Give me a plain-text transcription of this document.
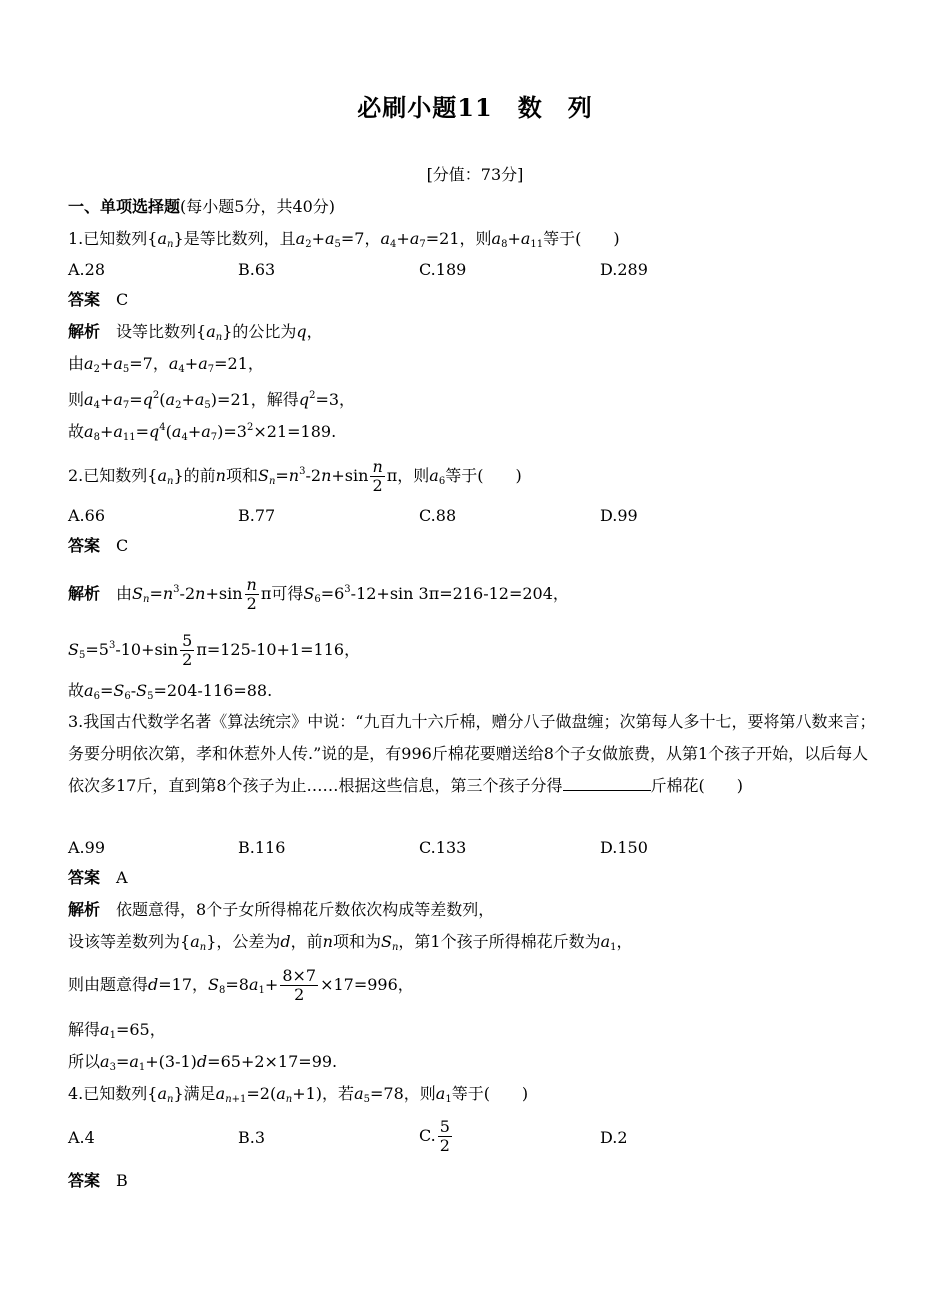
必刷小题11　数　列
[分值：73分]
一、单项选择题(每小题5分，共40分)
1.已知数列$\{a_n\}$是等比数列，且$a_2+a_5=7$，$a_4+a_7=21$，则$a_8+a_{11}$等于(　　)
A.28	B.63	C.189	D.289
答案　 C
解析　设等比数列$\{a_n\}$的公比为q，
由$a_2+a_5=7$，$a_4+a_7=21$，
则$a_4+a_7=q^2(a_2+a_5)=21$，解得$q^2=3$，
故$a_8+a_{11}=q^4(a_4+a_7)=3^2\times 21=189$.
2.已知数列$\{a_n\}$的前n项和$S_n=n^3-2n+\sin \frac{n}{2}$ π，则$a_6$等于(　　)
A.66	B.77	C.88	D.99
答案　 C
解析　由$S_n=n^3-2n+\sin \frac{n}{2}$ π可得$S_6=6^3-12+\sin$ 3π=216-12=204，
$S_5=5^3-10+\sin \frac{5}{2} \pi=125-10+1=116$，
故$a_6=S_6-S_5=204-116=88$.
3.我国古代数学名著《算法统宗》中说：“九百九十六斤棉，赠分八子做盘缠；次第每人多十七，要将第八数来言；务要分明依次第，孝和休惹外人传.”说的是，有996斤棉花要赠送给8个子女做旅费，从第1个孩子开始，以后每人依次多17斤，直到第8个孩子为止……根据这些信息，第三个孩子分得	斤棉花(　　)
A.99	B.116	C.133	D.150
答案　 A
解析　 依题意得，8个子女所得棉花斤数依次构成等差数列，
设该等差数列为$\{a_n\}$，公差为d，前n项和为$S_n$，第1个孩子所得棉花斤数为$a_1$，
则由题意得d=17，$S_8=8a_1+ \frac{8\times 7}{2} \times 17=996$，
解得$a_1=65$，
所以$a_3=a_1+(3-1)d=65+2\times 17=99$.
4.已知数列$\{a_n\}$满足$a_{n+1}=2(a_n+1)$，若$a_5=78$，则$a_1$等于(　　)
A.4	B.3	C. $\frac{5}{2}$	D.2
答案　 B
